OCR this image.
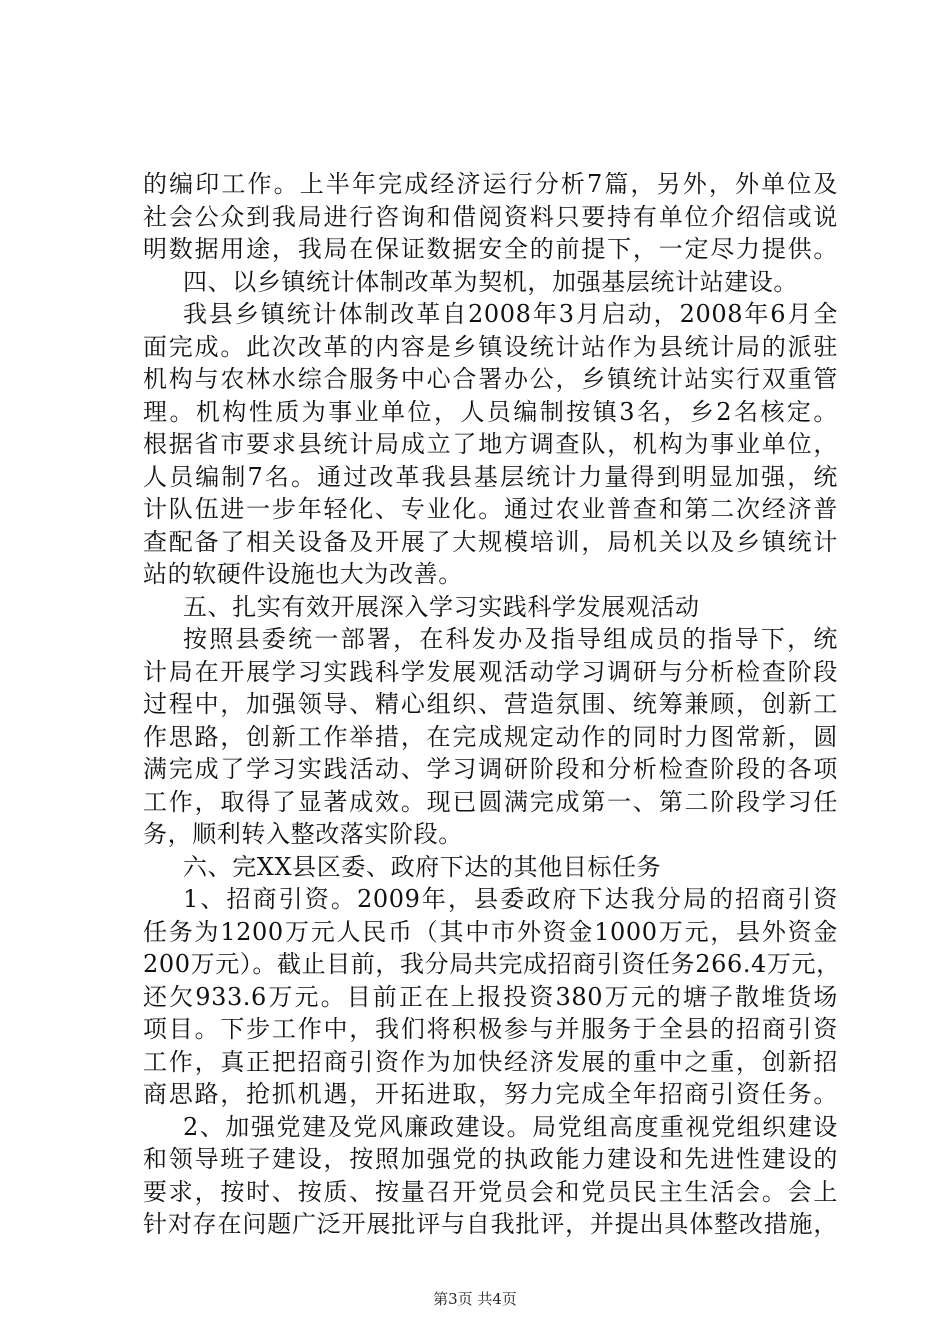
的编印工作。上半年完成经济运行分析7篇，另外，外单位及
社会公众到我局进行咨询和借阅资料只要持有单位介绍信或说
明数据用途，我局在保证数据安全的前提下，一定尽力提供。
四、以乡镇统计体制改革为契机，加强基层统计站建设。
我县乡镇统计体制改革自2008年3月启动，2008年6月全
面完成。此次改革的内容是乡镇设统计站作为县统计局的派驻
机构与农林水综合服务中心合署办公，乡镇统计站实行双重管
理。机构性质为事业单位，人员编制按镇3名，乡2名核定。
根据省市要求县统计局成立了地方调查队，机构为事业单位，
人员编制7名。通过改革我县基层统计力量得到明显加强，统
计队伍进一步年轻化、专业化。通过农业普查和第二次经济普
查配备了相关设备及开展了大规模培训，局机关以及乡镇统计
站的软硬件设施也大为改善。
五、扎实有效开展深入学习实践科学发展观活动
按照县委统一部署，在科发办及指导组成员的指导下，统
计局在开展学习实践科学发展观活动学习调研与分析检查阶段
过程中，加强领导、精心组织、营造氛围、统筹兼顾，创新工
作思路，创新工作举措，在完成规定动作的同时力图常新，圆
满完成了学习实践活动、学习调研阶段和分析检查阶段的各项
工作，取得了显著成效。现已圆满完成第一、第二阶段学习任
务，顺利转入整改落实阶段。
六、完XX县区委、政府下达的其他目标任务
1、招商引资。2009年，县委政府下达我分局的招商引资
任务为1200万元人民币（其中市外资金1000万元，县外资金
200万元）。截止目前，我分局共完成招商引资任务266.4万元，
还欠933.6万元。目前正在上报投资380万元的塘子散堆货场
项目。下步工作中，我们将积极参与并服务于全县的招商引资
工作，真正把招商引资作为加快经济发展的重中之重，创新招
商思路，抢抓机遇，开拓进取，努力完成全年招商引资任务。
2、加强党建及党风廉政建设。局党组高度重视党组织建设
和领导班子建设，按照加强党的执政能力建设和先进性建设的
要求，按时、按质、按量召开党员会和党员民主生活会。会上
针对存在问题广泛开展批评与自我批评，并提出具体整改措施，
第3页 共4页
